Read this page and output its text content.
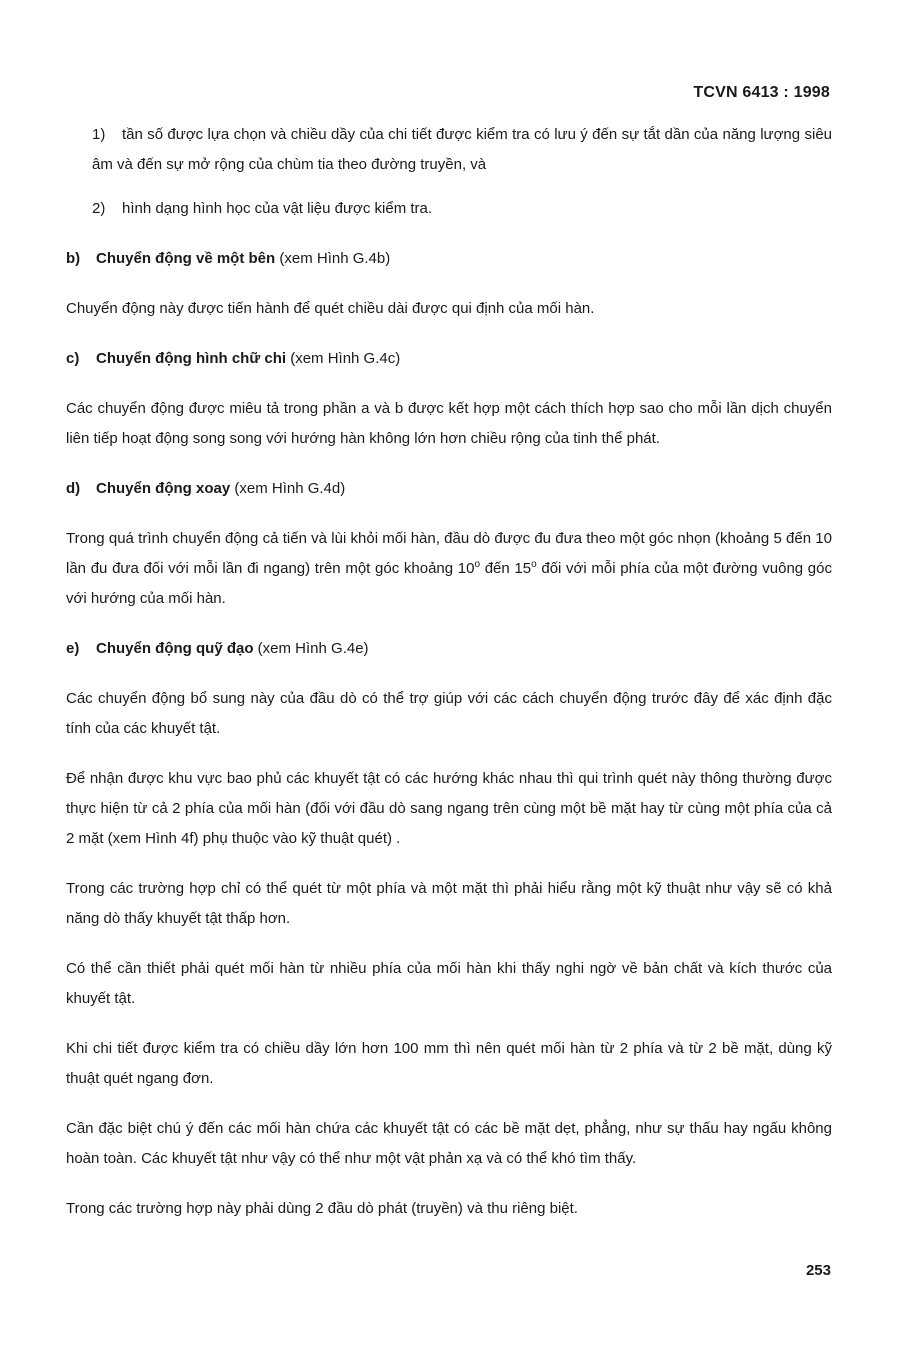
TCVN 6413 : 1998
1) tần số được lựa chọn và chiều dầy của chi tiết được kiểm tra có lưu ý đến sự tắt dần của năng lượng siêu âm và đến sự mở rộng của chùm tia theo đường truyền, và
2) hình dạng hình học của vật liệu được kiểm tra.
b) Chuyển động về một bên (xem Hình G.4b)

Chuyển động này được tiến hành để quét chiều dài được qui định của mối hàn.

c) Chuyển động hình chữ chi (xem Hình G.4c)

Các chuyển động được miêu tả trong phần a và b được kết hợp một cách thích hợp sao cho mỗi lần dịch chuyển liên tiếp hoạt động song song với hướng hàn không lớn hơn chiều rộng của tinh thể phát.

d) Chuyển động xoay (xem Hình G.4d)

Trong quá trình chuyển động cả tiến và lùi khỏi mối hàn, đầu dò được đu đưa theo một góc nhọn (khoảng 5 đến 10 lần đu đưa đối với mỗi lần đi ngang) trên một góc khoảng 10$^o$ đến 15$^o$ đối với mỗi phía của một đường vuông góc với hướng của mối hàn.

e) Chuyển động quỹ đạo (xem Hình G.4e)

Các chuyển động bổ sung này của đầu dò có thể trợ giúp với các cách chuyển động trước đây để xác định đặc tính của các khuyết tật.

Để nhận được khu vực bao phủ các khuyết tật có các hướng khác nhau thì qui trình quét này thông thường được thực hiện từ cả 2 phía của mối hàn (đối với đầu dò sang ngang trên cùng một bề mặt hay từ cùng một phía của cả 2 mặt (xem Hình 4f) phụ thuộc vào kỹ thuật quét) .

Trong các trường hợp chỉ có thể quét từ một phía và một mặt thì phải hiểu rằng một kỹ thuật như vậy sẽ có khả năng dò thấy khuyết tật thấp hơn.

Có thể cần thiết phải quét mối hàn từ nhiều phía của mối hàn khi thấy nghi ngờ về bản chất và kích thước của khuyết tật.

Khi chi tiết được kiểm tra có chiều dầy lớn hơn 100 mm thì nên quét mối hàn từ 2 phía và từ 2 bề mặt, dùng kỹ thuật quét ngang đơn.

Cần đặc biệt chú ý đến các mối hàn chứa các khuyết tật có các bề mặt dẹt, phẳng, như sự thấu hay ngấu không hoàn toàn. Các khuyết tật như vậy có thể như một vật phản xạ và có thể khó tìm thấy.

Trong các trường hợp này phải dùng 2 đầu dò phát (truyền) và thu riêng biệt.

253
